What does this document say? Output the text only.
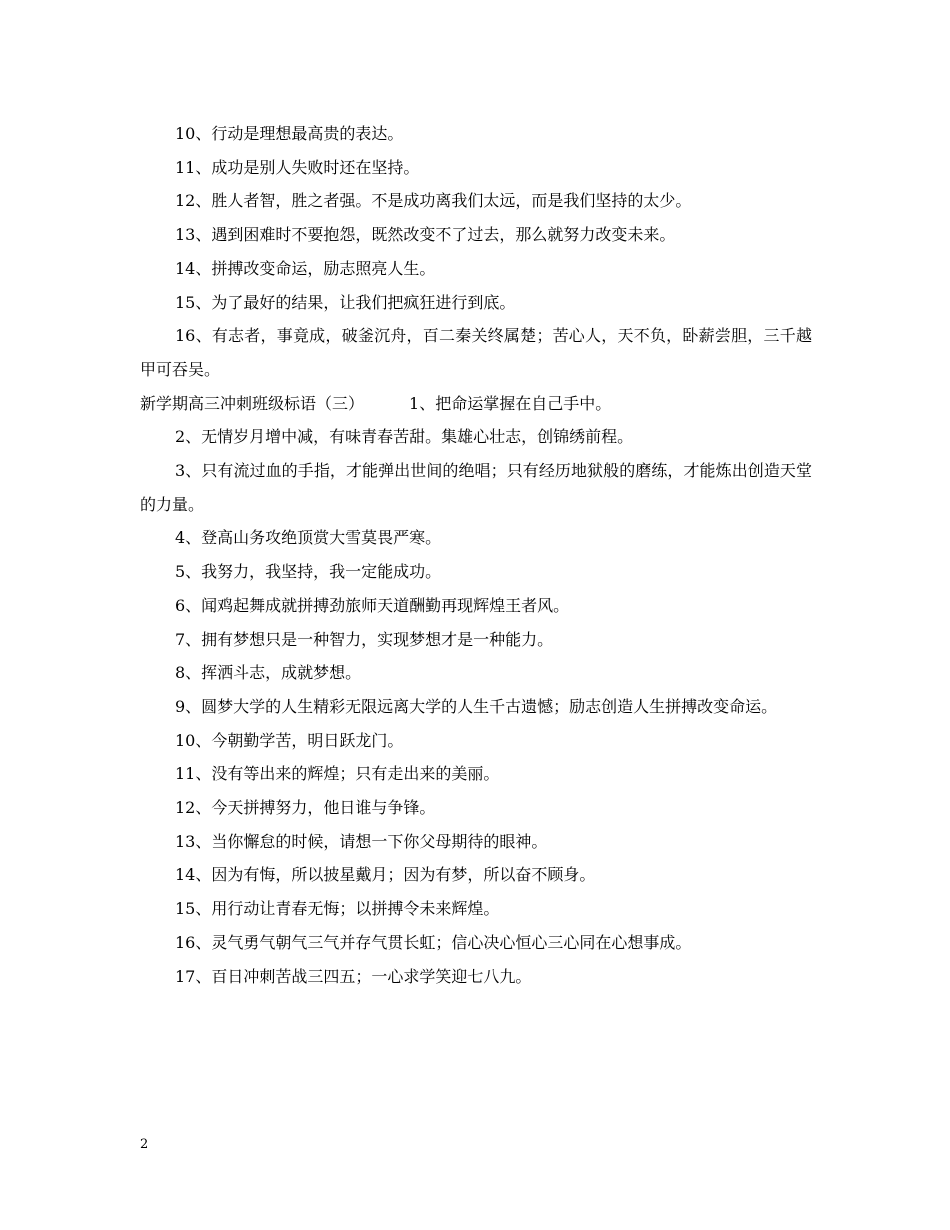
10、行动是理想最高贵的表达。

11、成功是别人失败时还在坚持。

12、胜人者智，胜之者强。不是成功离我们太远，而是我们坚持的太少。

13、遇到困难时不要抱怨，既然改变不了过去，那么就努力改变未来。

14、拼搏改变命运，励志照亮人生。

15、为了最好的结果，让我们把疯狂进行到底。

16、有志者，事竟成，破釜沉舟，百二秦关终属楚；苦心人，天不负，卧薪尝胆，三千越甲可吞吴。

新学期高三冲刺班级标语（三）	1、把命运掌握在自己手中。

2、无情岁月增中减，有味青春苦甜。集雄心壮志，创锦绣前程。

3、只有流过血的手指，才能弹出世间的绝唱；只有经历地狱般的磨练，才能炼出创造天堂的力量。

4、登高山务攻绝顶赏大雪莫畏严寒。

5、我努力，我坚持，我一定能成功。

6、闻鸡起舞成就拼搏劲旅师天道酬勤再现辉煌王者风。

7、拥有梦想只是一种智力，实现梦想才是一种能力。

8、挥洒斗志，成就梦想。

9、圆梦大学的人生精彩无限远离大学的人生千古遗憾；励志创造人生拼搏改变命运。

10、今朝勤学苦，明日跃龙门。

11、没有等出来的辉煌；只有走出来的美丽。

12、今天拼搏努力，他日谁与争锋。

13、当你懈怠的时候，请想一下你父母期待的眼神。

14、因为有悔，所以披星戴月；因为有梦，所以奋不顾身。

15、用行动让青春无悔；以拼搏令未来辉煌。

16、灵气勇气朝气三气并存气贯长虹；信心决心恒心三心同在心想事成。

17、百日冲刺苦战三四五；一心求学笑迎七八九。

2
